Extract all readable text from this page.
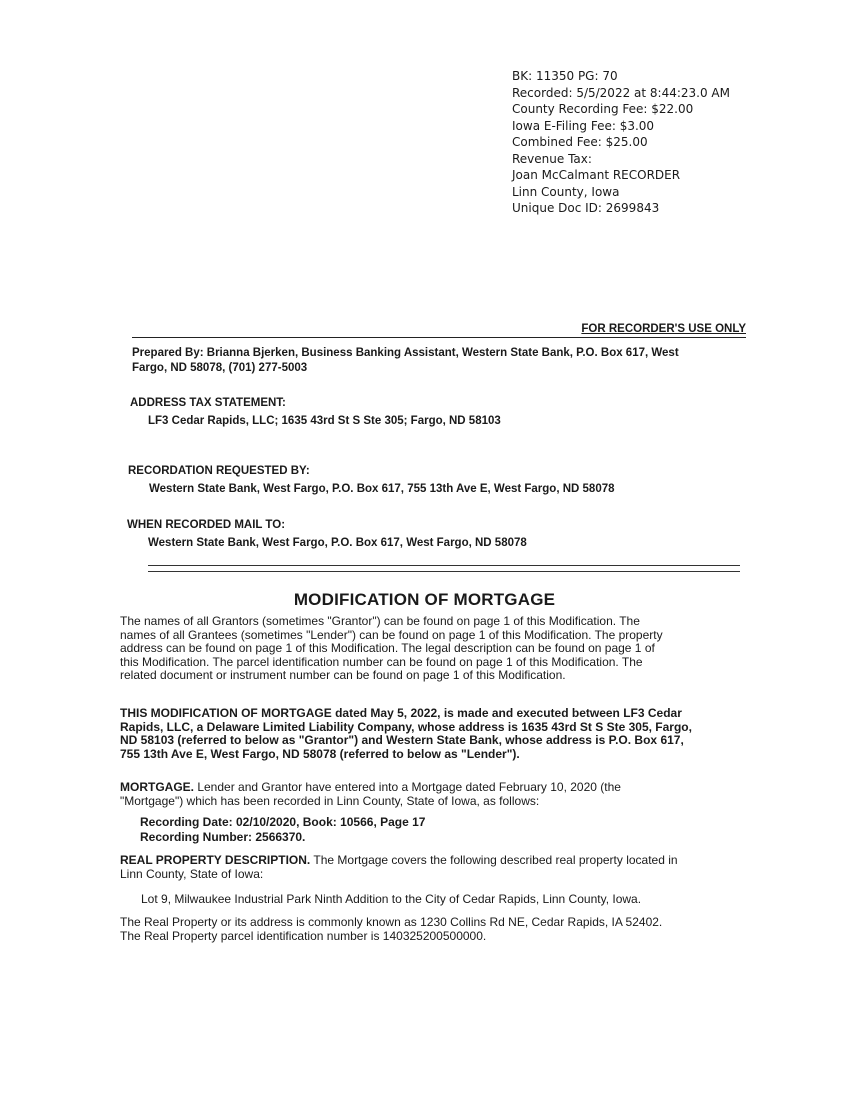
BK: 11350 PG: 70
Recorded: 5/5/2022 at 8:44:23.0 AM
County Recording Fee: $22.00
Iowa E-Filing Fee: $3.00
Combined Fee: $25.00
Revenue Tax:
Joan McCalmant RECORDER
Linn County, Iowa
Unique Doc ID: 2699843
FOR RECORDER'S USE ONLY
Prepared By: Brianna Bjerken, Business Banking Assistant, Western State Bank, P.O. Box 617, West
Fargo, ND 58078, (701) 277-5003
ADDRESS TAX STATEMENT:
LF3 Cedar Rapids, LLC; 1635 43rd St S Ste 305; Fargo, ND 58103
RECORDATION REQUESTED BY:
Western State Bank, West Fargo, P.O. Box 617, 755 13th Ave E, West Fargo, ND 58078
WHEN RECORDED MAIL TO:
Western State Bank, West Fargo, P.O. Box 617, West Fargo, ND 58078
MODIFICATION OF MORTGAGE
The names of all Grantors (sometimes "Grantor") can be found on page 1 of this Modification. The
names of all Grantees (sometimes "Lender") can be found on page 1 of this Modification. The property
address can be found on page 1 of this Modification. The legal description can be found on page 1 of
this Modification. The parcel identification number can be found on page 1 of this Modification. The
related document or instrument number can be found on page 1 of this Modification.
THIS MODIFICATION OF MORTGAGE dated May 5, 2022, is made and executed between LF3 Cedar
Rapids, LLC, a Delaware Limited Liability Company, whose address is 1635 43rd St S Ste 305, Fargo,
ND 58103 (referred to below as "Grantor") and Western State Bank, whose address is P.O. Box 617,
755 13th Ave E, West Fargo, ND 58078 (referred to below as "Lender").
MORTGAGE. Lender and Grantor have entered into a Mortgage dated February 10, 2020 (the
"Mortgage") which has been recorded in Linn County, State of Iowa, as follows:
Recording Date: 02/10/2020, Book: 10566, Page 17
Recording Number: 2566370.
REAL PROPERTY DESCRIPTION. The Mortgage covers the following described real property located in
Linn County, State of Iowa:
Lot 9, Milwaukee Industrial Park Ninth Addition to the City of Cedar Rapids, Linn County, Iowa.
The Real Property or its address is commonly known as 1230 Collins Rd NE, Cedar Rapids, IA 52402.
The Real Property parcel identification number is 140325200500000.
